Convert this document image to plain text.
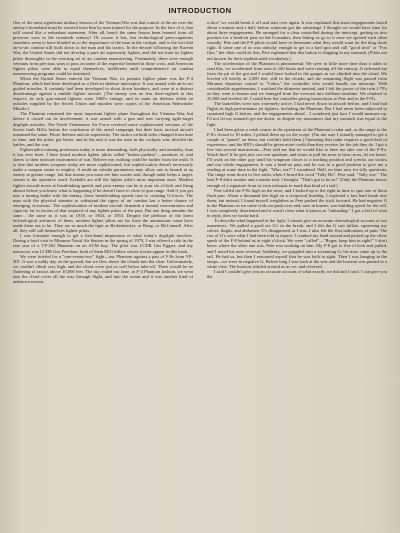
INTRODUCTION

One of the most significant military lessons of the Vietnam War was that control of the air over the enemy's homeland must be wrested from him by men trained for the purpose. In the face of it, that will sound like a redundant statement. After all, hasn't the same lesson been learned from all previous wars in the twentieth century? Of course it has, but technological preoccupations somehow seem to have blinded us to the importance of the man in the cockpit, and to the fact that air-to-air combat still boils down to the man and his tactics. In the decade following the Korean War, the United States did not develop a pure air superiority fighter, and did not train its fighter pilots thoroughly in the exacting art of air combat maneuvering. Fortunately, there were enough veterans from previous wars to pass on some of the expertise learned in those wars, and American fighter pilots were able to equal themselves, indifferent until comprehensive air combat maneuvering programs could be instituted.

When the United States entered the Vietnam War, its premier fighter plane was the F-4 Phantom, which had been developed as a fleet air defense interceptor. It was armed with air-to-air guided missiles. It certainly had been developed to shoot down bombers, and were at a distinct disadvantage against a nimble fighter aircraft. (The enemy was no less short-sighted in this respect; its only gun-armed fighters were 1960's vintage, and its main air defense relied on missiles supplied by the Soviet Union and missiles were copies of the American Sidewinder Missile.)

The Phantom remained the most important fighter plane throughout the Vietnam War, but before it closed out its involvement, it was armed with a gun and was carrying agile-target dogfight missiles. The North Vietnamese Air Force received more sophisticated versions of the Soviet built MiGs before the conclusion of the aerial campaign, but their basic tactical aircraft remained the same. Pilots' defense and air superiority. The tactics on both sides changed from time to time, and the pilots got better, and in the end it was the men in the cockpits who decided the battles, and the war.

Fighter-pilot training profession today is more demanding, both physically and mentally, than it has ever been. I have heard modern fighter pilots called "button pushers"—monitors of, and slaves to their intricate instruments of war. Believe me, nothing could be farther from the truth. It is true that modern weapons today are more sophisticated, but sophistication doesn't necessarily make a weapon easier to employ. A multi-air missile parameters may allow one to launch at an enemy at greater range, but that means you must see him sooner and, though radar helps a target, sooner is the operative word. Eyeballs are still the fighter pilot's most important asset. Modern fighter aircraft move at breathtaking speeds and your enemy can be at your six o'clock and firing almost before you know what is happening if he doesn't have to close to gun range. And if you get into a turning battle with the enemy, those breath-taking speeds turn to crushing G-forces. The man with the physical stamina to withstand the rigors of air combat has a better chance of emerging victorious. The sophistication of modern aircraft demands a mental concentration and capacity far in excess of that required of any fighter pilots of the past. But one thing remains the same... the same as it was in 1918, or 1944, or 1953. Despite the plethora of the latest technological advances of them, modern fighter pilots are far from the automatons some have made them out to be. They are as much the tiger as Rickenbacker, or Bong, or McConnell. After all, they still call themselves fighter pilots.

I was fortunate enough to get a first-hand impression of what today's dogfight involves. During a brief visit to Miramar Naval Air Station in the spring of 1974, I was offered a ride in the rear seat of a VF-302 Phantom on an ACM hop. The pilot was LCDR Gus Eggert, and my instructor was LCDR Gus Freedom, both of them MiG-killers whose stories appear in this book.

We were briefed for a "one-versus-two" fight—our Phantom against a pair of F-8s from VF-301. It was a ruddy day on the ground, but we flew above the clouds into the clear. Unfortunately, we couldn't climb very high, and the cloud cover put us well below take-off. There would be no flattening of tactics above 10,000 feet. The sky ended our time, in F-4 Phantom fashion, we went into the cloud cover all the way through flight, and into the ocean and it was another kind of unknown terrain.

a shot" we would break it off and start over again. It was explained that most engagements lasted about a minute and a half, before someone got the advantage. I thought we would have time for about three engagements. He arranged for a clear controlled during the intercept, getting us into position for a head-on pass on the Crusaders, then letting us go to it once we spotted each other visually. Pete and the F-8 pilots would have to determine what they would want for the drag chute fight. If some one of us was unlucky enough to get in a bad spot and call "good shot" or "Fox One," the other could do this. Pete explained that this button to flapping in my stomach. (Pilots are not known for their sophisticated vocabulary.)

The acceleration of the Phantom is phenomenal. We were in little more time than it takes to read this, we accelerated from zero to 160 knots and were rotating off the runway. It sickened me from the pit of the gut and I would have looked to the gauges as we climbed into the cloud. We leveled off briefly at 3,000 feet, still in the clouds, and the remaining flight was passed from Miramar departure control to "Cobra," the controller who would handle our intercept. With considerable apprehension, I watched the altimeter unwind, and I felt the power of the twin J-79's as they went to burner and we emerged from the overcast into brilliant sunshine. We climbed to 25,000 and leveled off. I could hear the controller giving instructions to Pete and to the F-8's.

The butterflies were now extremely active. I had never flown in aircraft before, and I had had flights in high performance jet fighters, including the Phantom. But I had never been subjected to sustained high G before, and the engagements ahead... I wondered just how I would measure up. I'd not let my stomach get me down, as despite my assurances that my stomach was equal to the fight.

I had been given a crash course in the operation of the Phantom's radar and, as the range to the F-8's closed to 10 miles, I picked them up on the scope. (I'm not sure I actually managed to get a couple of "paints" on them, but couldn't hold them.) Operating that radar requires a good deal of experience, and the RIO's should be given more credit than they receive for the job they do. I got a few last second instructions—Pete told me that he would like to have me take one of the F-8's. Watch him! If he gets into our rear quadrant, and starts to pull his nose to bear on us, let me know. I'll work on the other guy until his wingman closes to a tracking position and wrecks our tactics and our whole engagement. It was a head-on pass and he was in a good position to give me a reading at some time in the fight. "Who, me?" I wondered. Well, no time now for silly questions. The range went down to five miles when I heard the word "Tally Ho". Pete said, "Tally one." The lead F-8 did a smoker and a smoke trail. I thought, "That's got to be us!" (Only the Phantom leaves enough of a signature from its twin exhausts to mark that kind of a tail.)

Pete called the F-8s high on the nose, and I looked up to the right in time to spot one of them flash past. About a thousand feet high on a reciprocal heading. I expected a fast hard break into them, but instead, I found myself weightless as Pete pushed the stick forward. He had negative G in the Phantom as we came with our push over and, now in burner, was building speed for the roll. I was completely disoriented and it wasn't clear what it knows as "unloading." I got a feel of what in reply, then we broke hard.

To describe what happened in the fight, I cannot give an accurate chronological account of our maneuvers. We pulled a good six G's in the break, and I felt the G suit inflate, squeezing my calves, thighs, and abdomen. G's disappeared as I was. I also felt the first indications of pain. The rise of G's were what I had been told to expect. I cranked my head around and picked up the silver speck of the F-8 behind us at eight o'clock. We were "called"—"Roger, keep him in sight!" I don't know where the other one was. Pete was working on him. My F-8 got to five o'clock and pulled, and I noted his nose reversal. Suddenly, we grappled into a screaming G; his nose came up to the tail. He had us, but then I reassured myself that he was both in sight. Then I was hanging in the straps—we were in negative G. Before long I was back at the seat and the horizon was pinned in a white view. The horizon whirled around us as we, and reversed.

I said I couldn't give you an accurate account of what exactly we did and I can't. I can give you the
